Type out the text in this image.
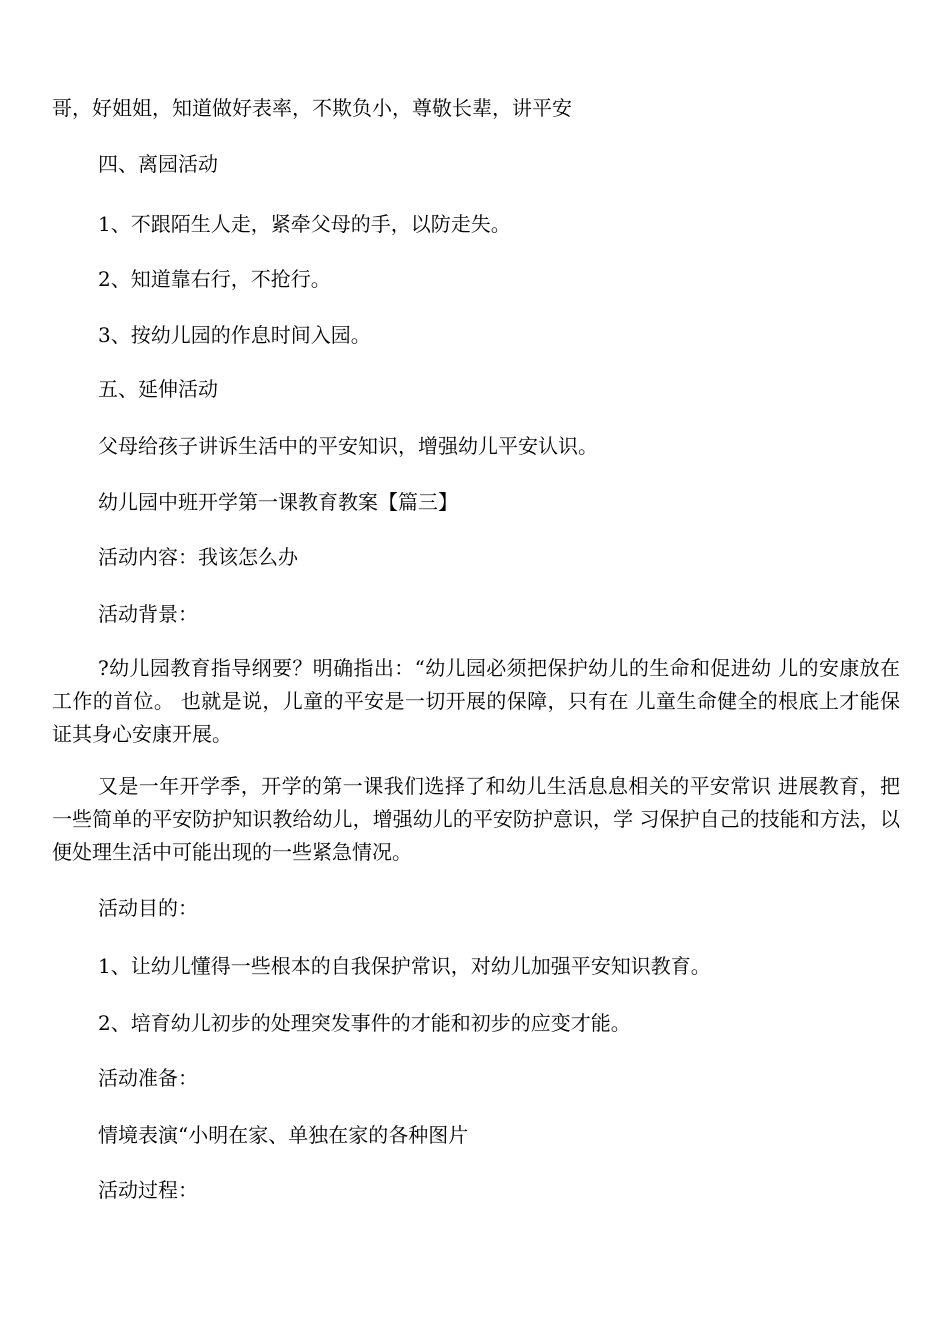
哥，好姐姐，知道做好表率，不欺负小，尊敬长辈，讲平安
四、离园活动
1、不跟陌生人走，紧牵父母的手，以防走失。
2、知道靠右行，不抢行。
3、按幼儿园的作息时间入园。
五、延伸活动
父母给孩子讲诉生活中的平安知识，增强幼儿平安认识。
幼儿园中班开学第一课教育教案【篇三】
活动内容：我该怎么办
活动背景：
?幼儿园教育指导纲要？明确指出：“幼儿园必须把保护幼儿的生命和促进幼 儿的安康放在工作的首位。 也就是说，儿童的平安是一切开展的保障，只有在 儿童生命健全的根底上才能保证其身心安康开展。
又是一年开学季，开学的第一课我们选择了和幼儿生活息息相关的平安常识 进展教育，把一些简单的平安防护知识教给幼儿，增强幼儿的平安防护意识，学 习保护自己的技能和方法，以便处理生活中可能出现的一些紧急情况。
活动目的：
1、让幼儿懂得一些根本的自我保护常识，对幼儿加强平安知识教育。
2、培育幼儿初步的处理突发事件的才能和初步的应变才能。
活动准备：
情境表演“小明在家、单独在家的各种图片
活动过程：
